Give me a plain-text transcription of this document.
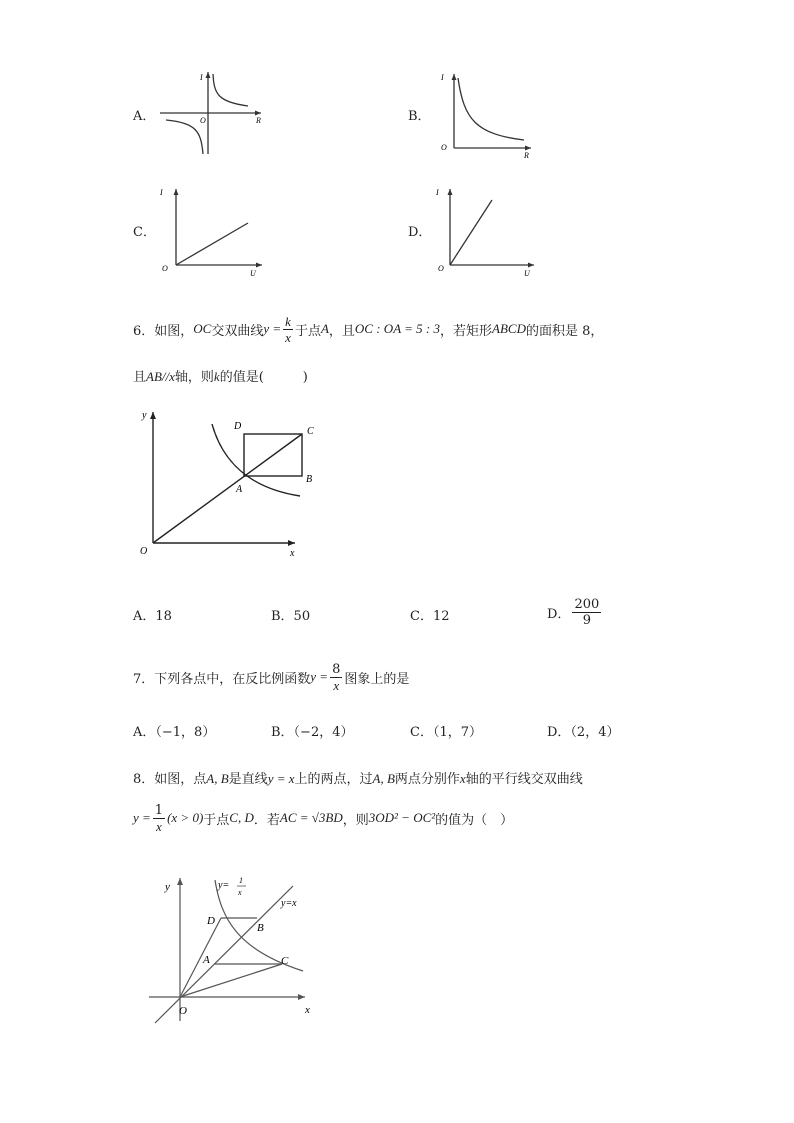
A．
I
O	R	B．
I
O
R
C．
I
O
U
D．
I
O
U
6．如图， OC 交双曲线 $y = \frac{k}{x}$ 于点 A ，且 OC : OA = 5 : 3 ，若矩形 ABCD 的面积是 8，
且AB//x轴，则k的值是(　　　)
y
x
O
A
B
C
D
A．18	B．50	C．12	D． $\frac{200}{9}$
7．下列各点中，在反比例函数 $y = \frac{8}{x}$ 图象上的是
A．（−1，8）	B．（−2，4）	C．（1，7）	D．（2，4）
8．如图，点A, B是直线y = x上的两点，过A, B两点分别作x轴的平行线交双曲线
$y = \frac{1}{x} (x > 0)$ 于点 C, D ．若 AC = √3BD ，则 3OD² − OC² 的值为（　）
y
x
O
A
B
C
D
y= 1
x
y=x
